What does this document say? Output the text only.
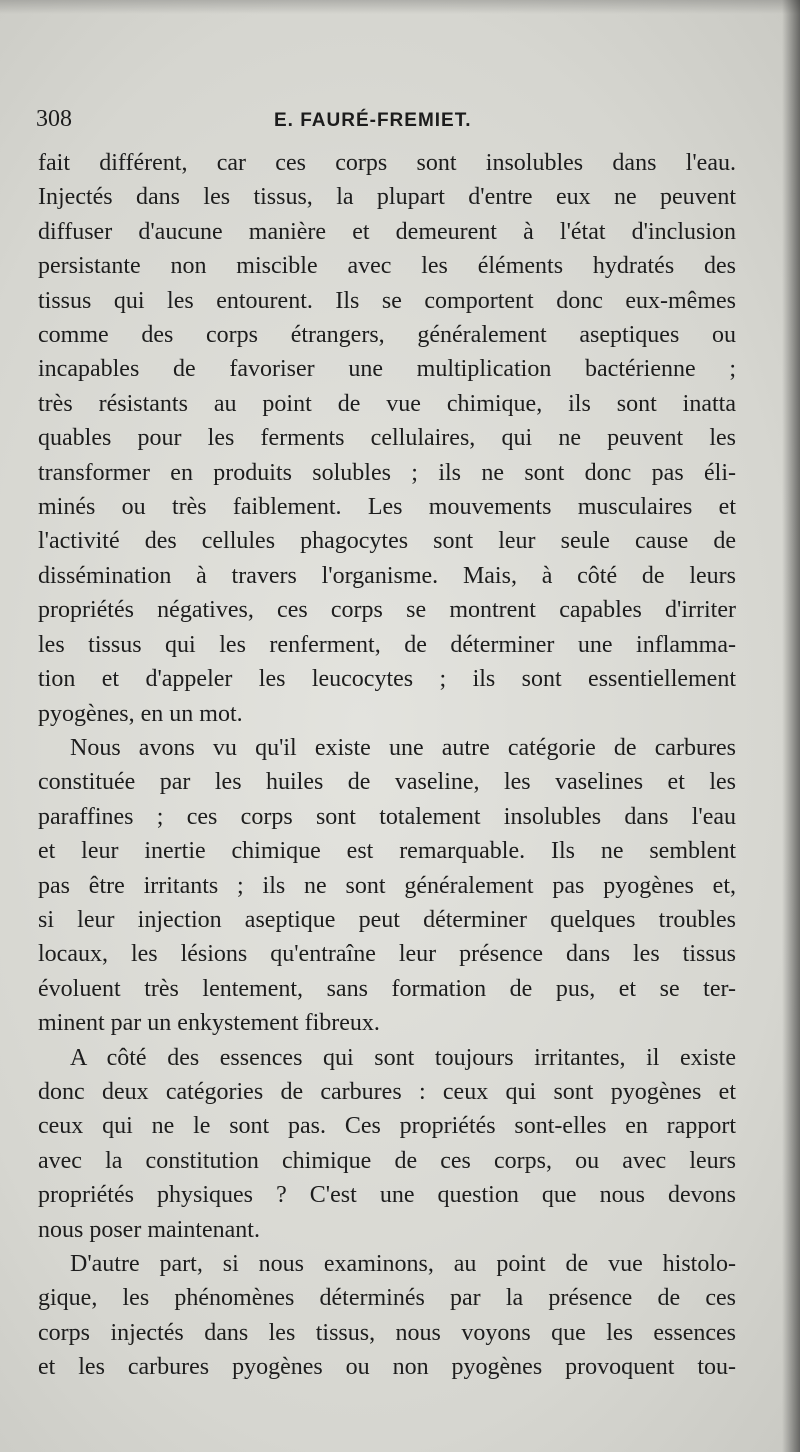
308	E. FAURÉ-FREMIET.
fait différent, car ces corps sont insolubles dans l'eau.
Injectés dans les tissus, la plupart d'entre eux ne peuvent
diffuser d'aucune manière et demeurent à l'état d'inclusion
persistante non miscible avec les éléments hydratés des
tissus qui les entourent. Ils se comportent donc eux-mêmes
comme des corps étrangers, généralement aseptiques ou
incapables de favoriser une multiplication bactérienne ;
très résistants au point de vue chimique, ils sont inatta
quables pour les ferments cellulaires, qui ne peuvent les
transformer en produits solubles ; ils ne sont donc pas éli-
minés ou très faiblement. Les mouvements musculaires et
l'activité des cellules phagocytes sont leur seule cause de
dissémination à travers l'organisme. Mais, à côté de leurs
propriétés négatives, ces corps se montrent capables d'irriter
les tissus qui les renferment, de déterminer une inflamma-
tion et d'appeler les leucocytes ; ils sont essentiellement
pyogènes, en un mot.
Nous avons vu qu'il existe une autre catégorie de carbures
constituée par les huiles de vaseline, les vaselines et les
paraffines ; ces corps sont totalement insolubles dans l'eau
et leur inertie chimique est remarquable. Ils ne semblent
pas être irritants ; ils ne sont généralement pas pyogènes et,
si leur injection aseptique peut déterminer quelques troubles
locaux, les lésions qu'entraîne leur présence dans les tissus
évoluent très lentement, sans formation de pus, et se ter-
minent par un enkystement fibreux.
A côté des essences qui sont toujours irritantes, il existe
donc deux catégories de carbures : ceux qui sont pyogènes et
ceux qui ne le sont pas. Ces propriétés sont-elles en rapport
avec la constitution chimique de ces corps, ou avec leurs
propriétés physiques ? C'est une question que nous devons
nous poser maintenant.
D'autre part, si nous examinons, au point de vue histolo-
gique, les phénomènes déterminés par la présence de ces
corps injectés dans les tissus, nous voyons que les essences
et les carbures pyogènes ou non pyogènes provoquent tou-
